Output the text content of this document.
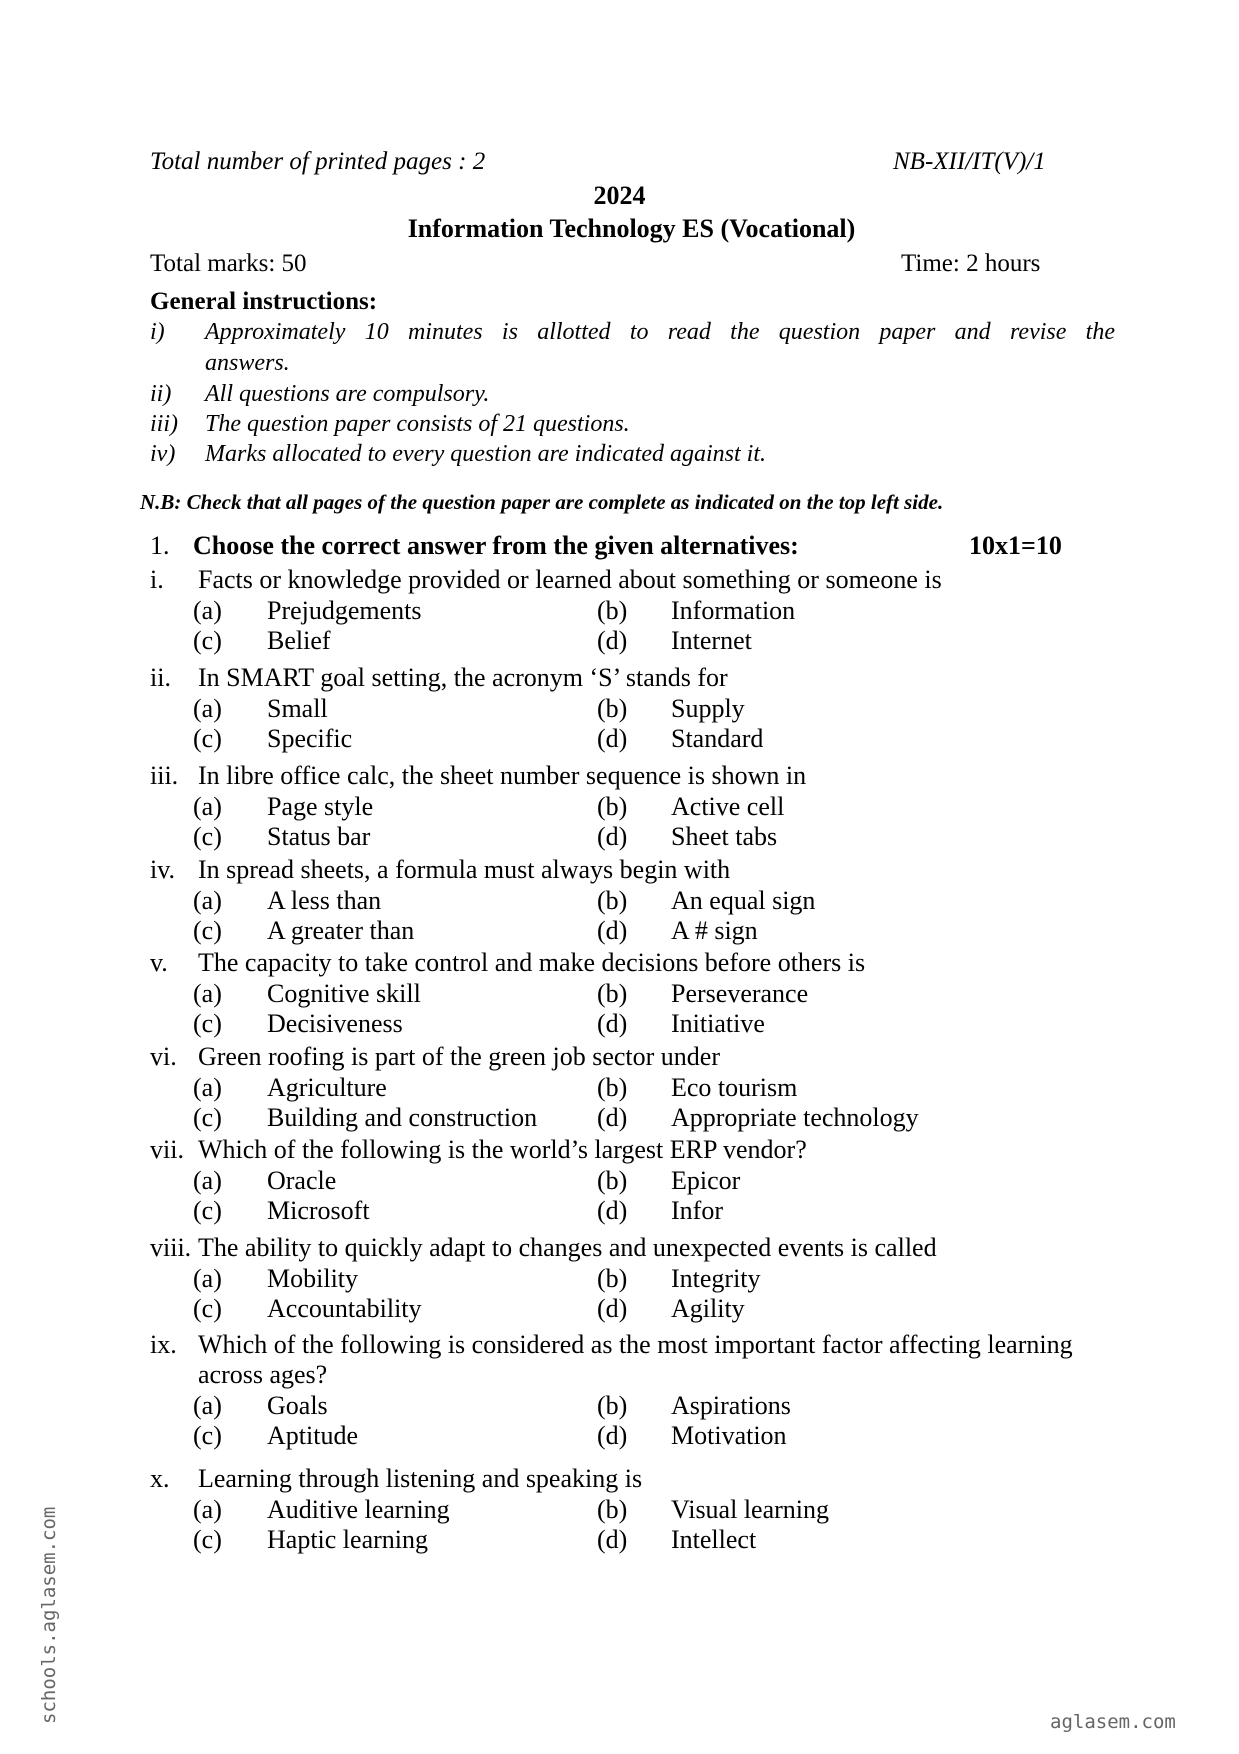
Total number of printed pages : 2	NB-XII/IT(V)/1
2024
Information Technology ES (Vocational)
Total marks: 50	Time: 2 hours
General instructions:
i) Approximately 10 minutes is allotted to read the question paper and revise the
answers.
ii) All questions are compulsory.
iii) The question paper consists of 21 questions.
iv) Marks allocated to every question are indicated against it.
N.B: Check that all pages of the question paper are complete as indicated on the top left side.
1. Choose the correct answer from the given alternatives:	10x1=10
i. Facts or knowledge provided or learned about something or someone is
(a) Prejudgements	(b) Information
(c) Belief	(d) Internet
ii. In SMART goal setting, the acronym ‘S’ stands for
(a) Small	(b) Supply
(c) Specific	(d) Standard
iii. In libre office calc, the sheet number sequence is shown in
(a) Page style	(b) Active cell
(c) Status bar	(d) Sheet tabs
iv. In spread sheets, a formula must always begin with
(a) A less than	(b) An equal sign
(c) A greater than	(d) A # sign
v. The capacity to take control and make decisions before others is
(a) Cognitive skill	(b) Perseverance
(c) Decisiveness	(d) Initiative
vi. Green roofing is part of the green job sector under
(a) Agriculture	(b) Eco tourism
(c) Building and construction (d) Appropriate technology
vii. Which of the following is the world’s largest ERP vendor?
(a) Oracle	(b) Epicor
(c) Microsoft	(d) Infor
viii. The ability to quickly adapt to changes and unexpected events is called
(a) Mobility	(b) Integrity
(c) Accountability	(d) Agility
ix. Which of the following is considered as the most important factor affecting learning
across ages?
(a) Goals	(b) Aspirations
(c) Aptitude	(d) Motivation
x. Learning through listening and speaking is
(a) Auditive learning	(b) Visual learning
(c) Haptic learning	(d) Intellect
schools.aglasem.com	aglasem.com
